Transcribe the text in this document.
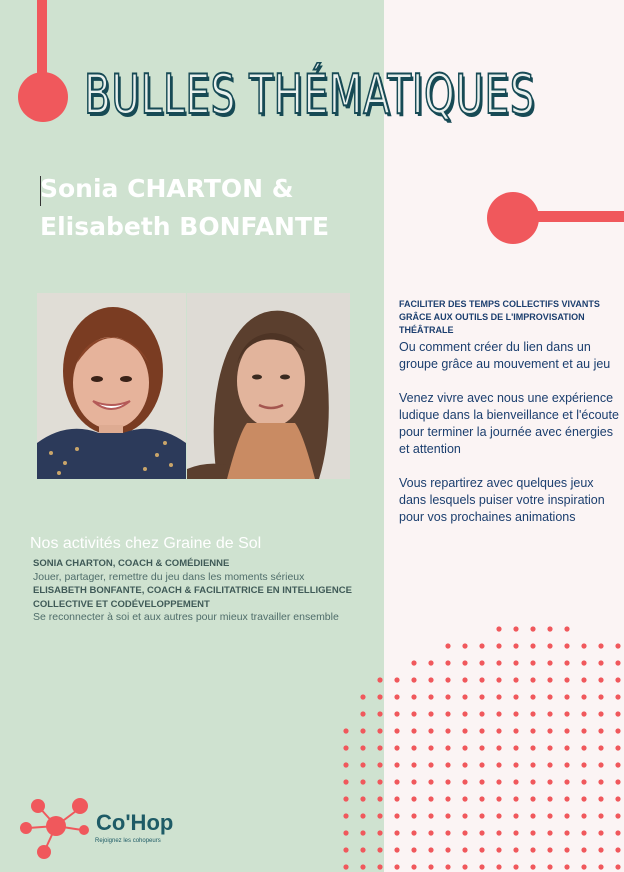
BULLES THÉMATIQUES
Sonia CHARTON &
Elisabeth BONFANTE
Nos activités chez Graine de Sol

SONIA CHARTON, COACH & COMÉDIENNE

Jouer, partager, remettre du jeu dans les moments sérieux

ELISABETH BONFANTE, COACH & FACILITATRICE EN INTELLIGENCE COLLECTIVE ET CODÉVELOPPEMENT

Se reconnecter à soi et aux autres pour mieux travailler ensemble

FACILITER DES TEMPS COLLECTIFS VIVANTS GRÂCE AUX OUTILS DE L'IMPROVISATION THÉÂTRALE

Ou comment créer du lien dans un groupe grâce au mouvement et au jeu

Venez vivre avec nous une expérience ludique dans la bienveillance et l'écoute pour terminer la journée avec énergies et attention

Vous repartirez avec quelques jeux dans lesquels puiser votre inspiration pour vos prochaines animations

Co'Hop

Rejoignez les cohopeurs
